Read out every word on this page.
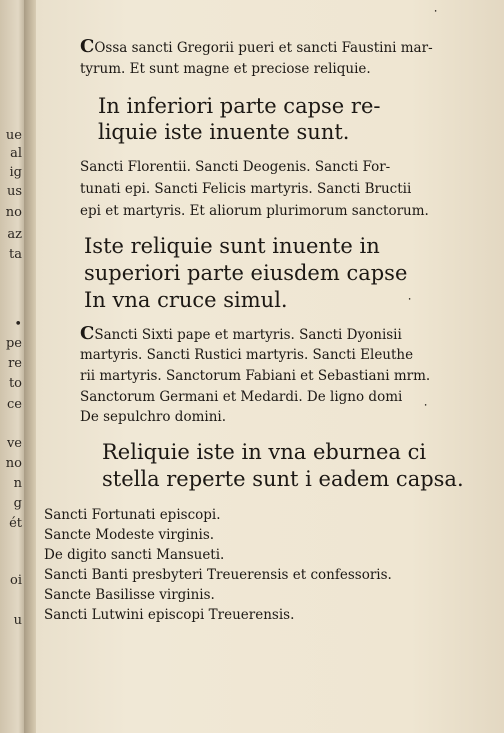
ue
al
ig
us
no
az
ta
•
pe
re
to
ce
ve
no
n
g
ét
oi
u
COssa sancti Gregorii pueri et sancti Faustini mar-
tyrum. Et sunt magne et preciose reliquie.
In inferiori parte capse re-
liquie iste inuente sunt.
Sancti Florentii. Sancti Deogenis. Sancti For-
tunati epi. Sancti Felicis martyris. Sancti Bructii
epi et martyris. Et aliorum plurimorum sanctorum.
Iste reliquie sunt inuente in
superiori parte eiusdem capse
In vna cruce simul.
CSancti Sixti pape et martyris. Sancti Dyonisii
martyris. Sancti Rustici martyris. Sancti Eleuthe
rii martyris. Sanctorum Fabiani et Sebastiani mrm.
Sanctorum Germani et Medardi. De ligno domi
De sepulchro domini.
Reliquie iste in vna eburnea ci
stella reperte sunt i eadem capsa.
Sancti Fortunati episcopi.
Sancte Modeste virginis.
De digito sancti Mansueti.
Sancti Banti presbyteri Treuerensis et confessoris.
Sancte Basilisse virginis.
Sancti Lutwini episcopi Treuerensis.
⸱
⸱
⸱
